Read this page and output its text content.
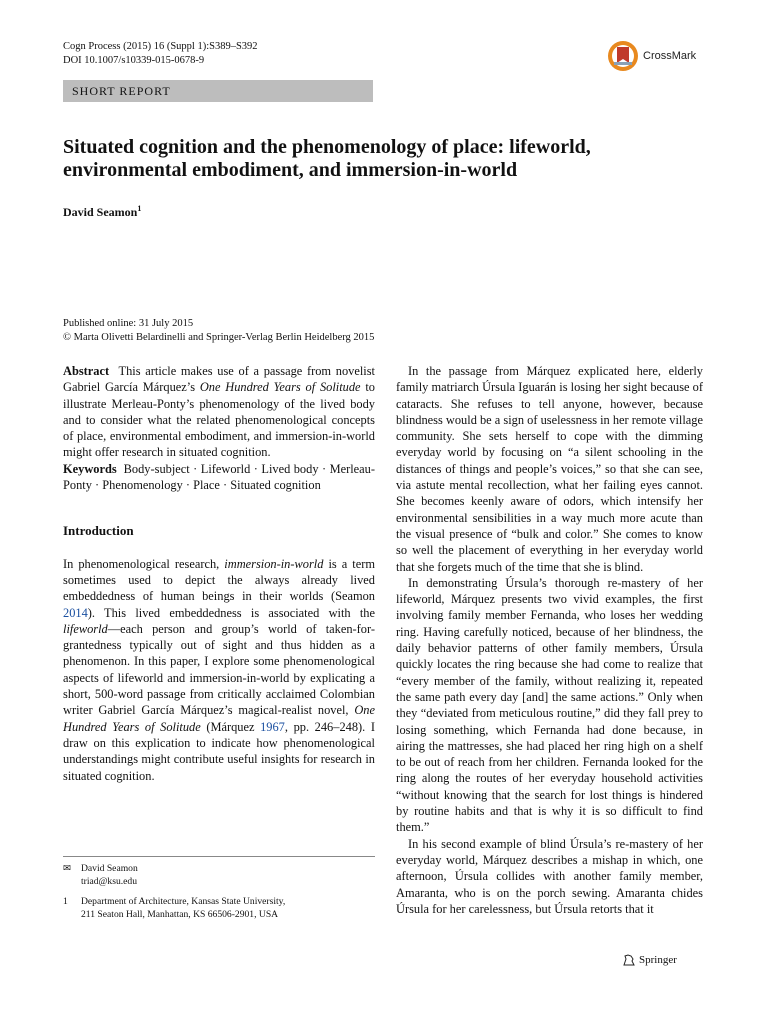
Cogn Process (2015) 16 (Suppl 1):S389–S392
DOI 10.1007/s10339-015-0678-9	CrossMark
SHORT REPORT
Situated cognition and the phenomenology of place: lifeworld,
environmental embodiment, and immersion-in-world
David Seamon$^1$
Published online: 31 July 2015
© Marta Olivetti Belardinelli and Springer-Verlag Berlin Heidelberg 2015

Abstract This article makes use of a passage from novelist Gabriel García Márquez’s One Hundred Years of Solitude to illustrate Merleau-Ponty’s phenomenology of the lived body and to consider what the related phenomenological concepts of place, environmental embodiment, and immersion-in-world might offer research in situated cognition.

Keywords Body-subject · Lifeworld · Lived body · Merleau-Ponty · Phenomenology · Place · Situated cognition

Introduction

In phenomenological research, immersion-in-world is a term sometimes used to depict the always already lived embeddedness of human beings in their worlds (Seamon 2014). This lived embeddedness is associated with the lifeworld—each person and group’s world of taken-for-grantedness typically out of sight and thus hidden as a phenomenon. In this paper, I explore some phenomenological aspects of lifeworld and immersion-in-world by explicating a short, 500-word passage from critically acclaimed Colombian writer Gabriel García Márquez’s magical-realist novel, One Hundred Years of Solitude (Márquez 1967, pp. 246–248). I draw on this explication to indicate how phenomenological understandings might contribute useful insights for research in situated cognition.

✉	David Seamon
triad@ksu.edu
1	Department of Architecture, Kansas State University,
211 Seaton Hall, Manhattan, KS 66506-2901, USA

In the passage from Márquez explicated here, elderly family matriarch Úrsula Iguarán is losing her sight because of cataracts. She refuses to tell anyone, however, because blindness would be a sign of uselessness in her remote village community. She sets herself to cope with the dimming everyday world by focusing on “a silent schooling in the distances of things and people’s voices,” so that she can see, via astute mental recollection, what her failing eyes cannot. She becomes keenly aware of odors, which intensify her environmental sensibilities in a way much more acute than the visual presence of “bulk and color.” She comes to know so well the placement of everything in her everyday world that she forgets much of the time that she is blind.

In demonstrating Úrsula’s thorough re-mastery of her lifeworld, Márquez presents two vivid examples, the first involving family member Fernanda, who loses her wedding ring. Having carefully noticed, because of her blindness, the daily behavior patterns of other family members, Úrsula quickly locates the ring because she had come to realize that “every member of the family, without realizing it, repeated the same path every day [and] the same actions.” Only when they “deviated from meticulous routine,” did they fall prey to losing something, which Fernanda had done because, in airing the mattresses, she had placed her ring high on a shelf to be out of reach from her children. Fernanda looked for the ring along the routes of her everyday household activities “without knowing that the search for lost things is hindered by routine habits and that is why it is so difficult to find them.”

In his second example of blind Úrsula’s re-mastery of her everyday world, Márquez describes a mishap in which, one afternoon, Úrsula collides with another family member, Amaranta, who is on the porch sewing. Amaranta chides Úrsula for her carelessness, but Úrsula retorts that it

Springer
